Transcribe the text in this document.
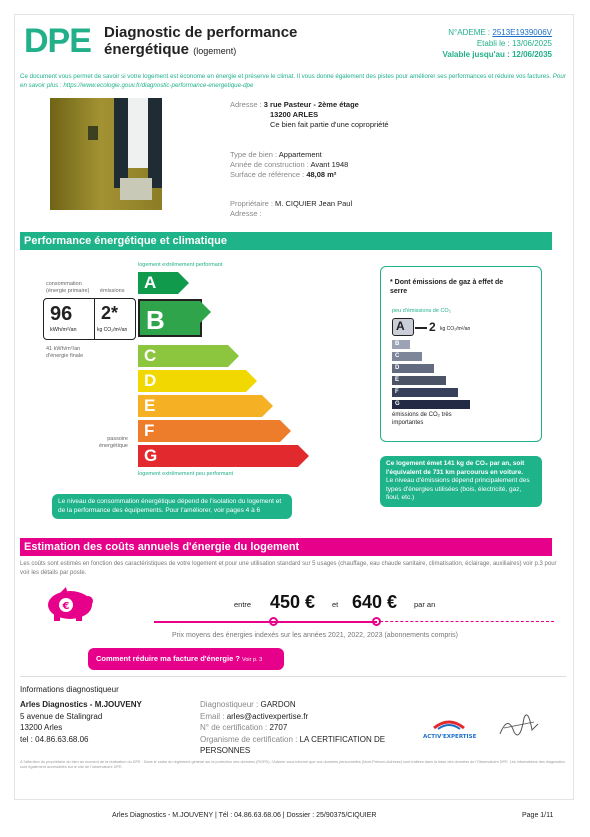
DPE Diagnostic de performance
énergétique (logement)
N°ADEME : 2513E1939006V
Etabli le : 13/06/2025
Valable jusqu'au : 12/06/2035
Ce document vous permet de savoir si votre logement est économe en énergie et préserve le climat. Il vous donne également des pistes pour améliorer ses performances et réduire vos factures. Pour en savoir plus : https://www.ecologie.gouv.fr/diagnostic-performance-energetique-dpe
Adresse : 3 rue Pasteur - 2ème étage
13200 ARLES
Ce bien fait partie d'une copropriété
Type de bien : Appartement
Année de construction : Avant 1948
Surface de référence : 48,08 m²
Propriétaire : M. CIQUIER Jean Paul
Adresse :
Performance énergétique et climatique
logement extrêmement performant
consommation (énergie primaire)	émissions	A
B
C
D
E
F
G
logement extrêmement peu performant
96
kWh/m²/an
2*
kg CO₂/m²/an
41 kWh/m²/an d'énergie finale
passoire énergétique
* Dont émissions de gaz à effet de serre
peu d'émissions de CO₂
A	2 kg CO₂/m²/an
B
C
D
E
F
G
émissions de CO₂ très importantes
Ce logement émet 141 kg de CO₂ par an, soit l'équivalent de 731 km parcourus en voiture.
Le niveau d'émissions dépend principalement des types d'énergies utilisées (bois, électricité, gaz, fioul, etc.)
Le niveau de consommation énergétique dépend de l'isolation du logement et de la performance des équipements. Pour l'améliorer, voir pages 4 à 6
Estimation des coûts annuels d'énergie du logement
Les coûts sont estimés en fonction des caractéristiques de votre logement et pour une utilisation standard sur 5 usages (chauffage, eau chaude sanitaire, climatisation, éclairage, auxiliaires) voir p.3 pour voir les détails par poste.
€	entre 450 € et 640 € par an
Prix moyens des énergies indexés sur les années 2021, 2022, 2023 (abonnements compris)
Comment réduire ma facture d'énergie ? Voir p. 3
Informations diagnostiqueur
Arles Diagnostics - M.JOUVENY
5 avenue de Stalingrad
13200 Arles
tel : 04.86.63.68.06
Diagnostiqueur : GARDON
Email : arles@activexpertise.fr
N° de certification : 2707
Organisme de certification : LA CERTIFICATION DE PERSONNES
ACTIV'EXPERTISE
À l'attention du propriétaire du bien au moment de la réalisation du DPE : Dans le cadre du règlement général sur la protection des données (RGPD), l'Ademe vous informe que vos données personnelles (Nom-Prénom-Adresse) sont traitées dans la base des données de l'Observatoire DPE. Les informations des diagnostics sont également accessibles sur le site de l'observatoire DPE.
Arles Diagnostics - M.JOUVENY | Tél : 04.86.63.68.06 | Dossier : 25/90375/CIQUIER	Page 1/11
